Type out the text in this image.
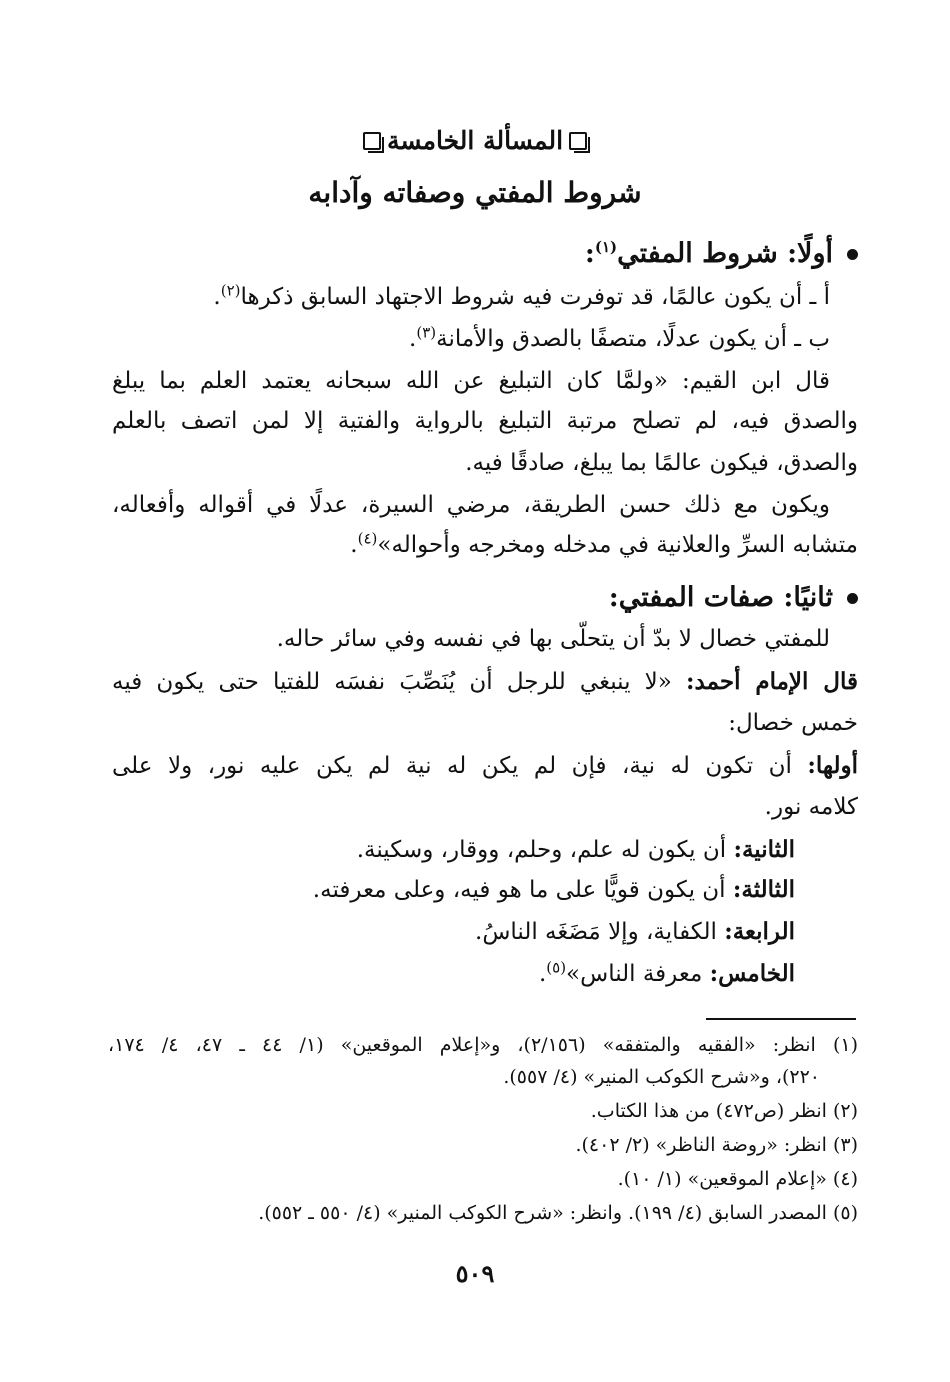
المسألة الخامسة
شروط المفتي وصفاته وآدابه
أولًا: شروط المفتي$^{(١)}$:
أ ـ أن يكون عالمًا، قد توفرت فيه شروط الاجتهاد السابق ذكرها$^{(٢)}$.
ب ـ أن يكون عدلًا، متصفًا بالصدق والأمانة$^{(٣)}$.
قال ابن القيم: «ولمَّا كان التبليغ عن الله سبحانه يعتمد العلم بما يبلغ
والصدق فيه، لم تصلح مرتبة التبليغ بالرواية والفتية إلا لمن اتصف بالعلم
والصدق، فيكون عالمًا بما يبلغ، صادقًا فيه.
ويكون مع ذلك حسن الطريقة، مرضي السيرة، عدلًا في أقواله وأفعاله،
متشابه السرِّ والعلانية في مدخله ومخرجه وأحواله»$^{(٤)}$.
ثانيًا: صفات المفتي:
للمفتي خصال لا بدّ أن يتحلّى بها في نفسه وفي سائر حاله.
قال الإمام أحمد: «لا ينبغي للرجل أن يُنَصِّبَ نفسَه للفتيا حتى يكون فيه
خمس خصال:
أولها: أن تكون له نية، فإن لم يكن له نية لم يكن عليه نور، ولا على
كلامه نور.
الثانية: أن يكون له علم، وحلم، ووقار، وسكينة.
الثالثة: أن يكون قويًّا على ما هو فيه، وعلى معرفته.
الرابعة: الكفاية، وإلا مَضَغَه الناسُ.
الخامس: معرفة الناس»$^{(٥)}$.
(١) انظر: «الفقيه والمتفقه» (٢/١٥٦)، و«إعلام الموقعين» (١/ ٤٤ ـ ٤٧، ٤/ ١٧٤،
٢٢٠)، و«شرح الكوكب المنير» (٤/ ٥٥٧).
(٢) انظر (ص٤٧٢) من هذا الكتاب.
(٣) انظر: «روضة الناظر» (٢/ ٤٠٢).
(٤) «إعلام الموقعين» (١/ ١٠).
(٥) المصدر السابق (٤/ ١٩٩). وانظر: «شرح الكوكب المنير» (٤/ ٥٥٠ ـ ٥٥٢).
٥٠٩
